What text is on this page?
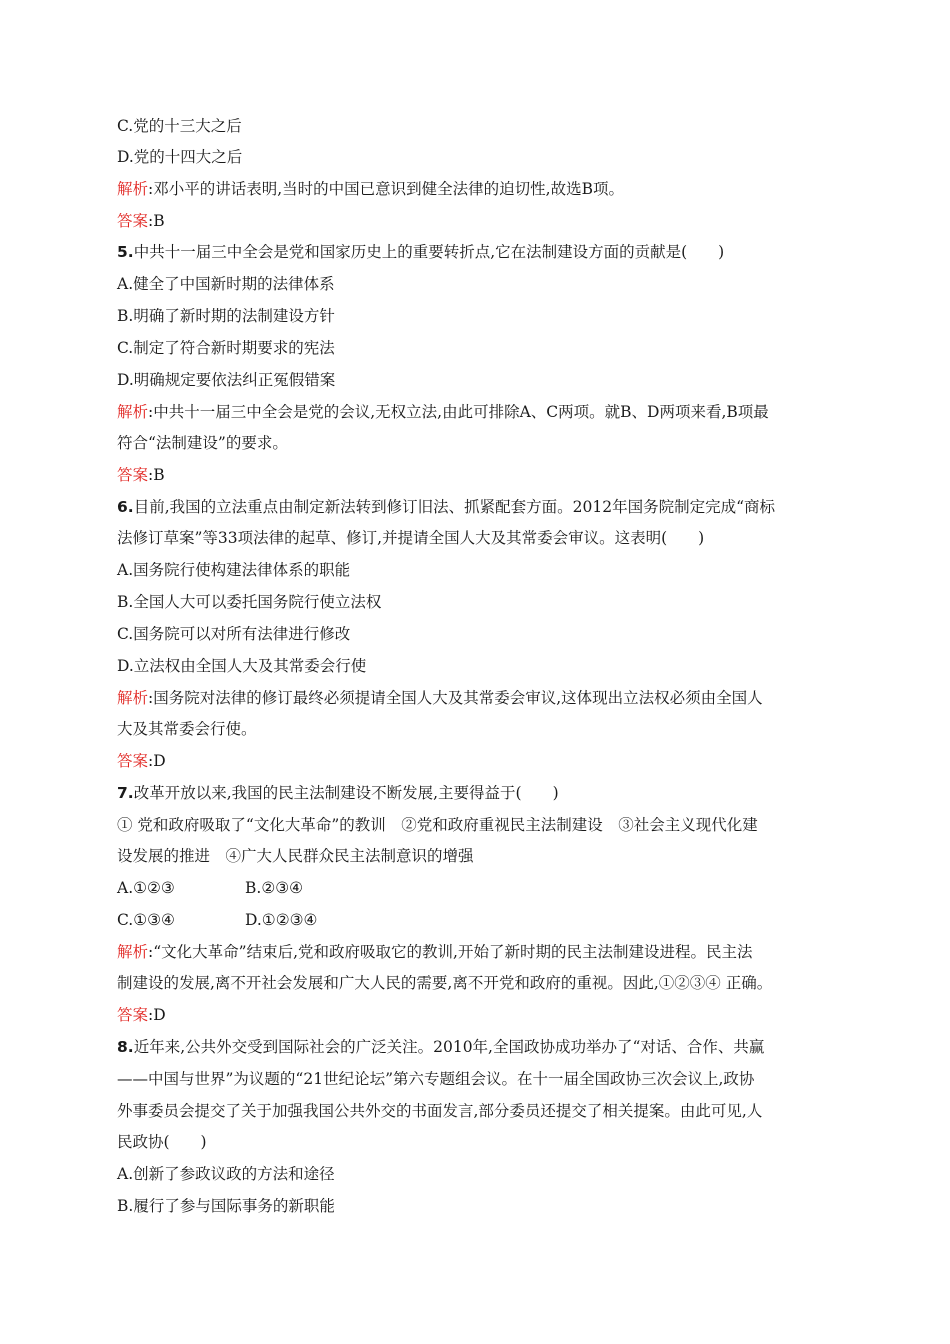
C.党的十三大之后
D.党的十四大之后
解析:邓小平的讲话表明,当时的中国已意识到健全法律的迫切性,故选B项。
答案:B
5.中共十一届三中全会是党和国家历史上的重要转折点,它在法制建设方面的贡献是(　　)
A.健全了中国新时期的法律体系
B.明确了新时期的法制建设方针
C.制定了符合新时期要求的宪法
D.明确规定要依法纠正冤假错案
解析:中共十一届三中全会是党的会议,无权立法,由此可排除A、C两项。就B、D两项来看,B项最
符合“法制建设”的要求。
答案:B
6.目前,我国的立法重点由制定新法转到修订旧法、抓紧配套方面。2012年国务院制定完成“商标
法修订草案”等33项法律的起草、修订,并提请全国人大及其常委会审议。这表明(　　)
A.国务院行使构建法律体系的职能
B.全国人大可以委托国务院行使立法权
C.国务院可以对所有法律进行修改
D.立法权由全国人大及其常委会行使
解析:国务院对法律的修订最终必须提请全国人大及其常委会审议,这体现出立法权必须由全国人
大及其常委会行使。
答案:D
7.改革开放以来,我国的民主法制建设不断发展,主要得益于(　　)
① 党和政府吸取了“文化大革命”的教训　②党和政府重视民主法制建设　③社会主义现代化建
设发展的推进　④广大人民群众民主法制意识的增强
A.①②③	B.②③④
C.①③④	D.①②③④
解析:“文化大革命”结束后,党和政府吸取它的教训,开始了新时期的民主法制建设进程。民主法
制建设的发展,离不开社会发展和广大人民的需要,离不开党和政府的重视。因此,①②③④ 正确。
答案:D
8.近年来,公共外交受到国际社会的广泛关注。2010年,全国政协成功举办了“对话、合作、共赢
——中国与世界”为议题的“21世纪论坛”第六专题组会议。在十一届全国政协三次会议上,政协
外事委员会提交了关于加强我国公共外交的书面发言,部分委员还提交了相关提案。由此可见,人
民政协(　　)
A.创新了参政议政的方法和途径
B.履行了参与国际事务的新职能
